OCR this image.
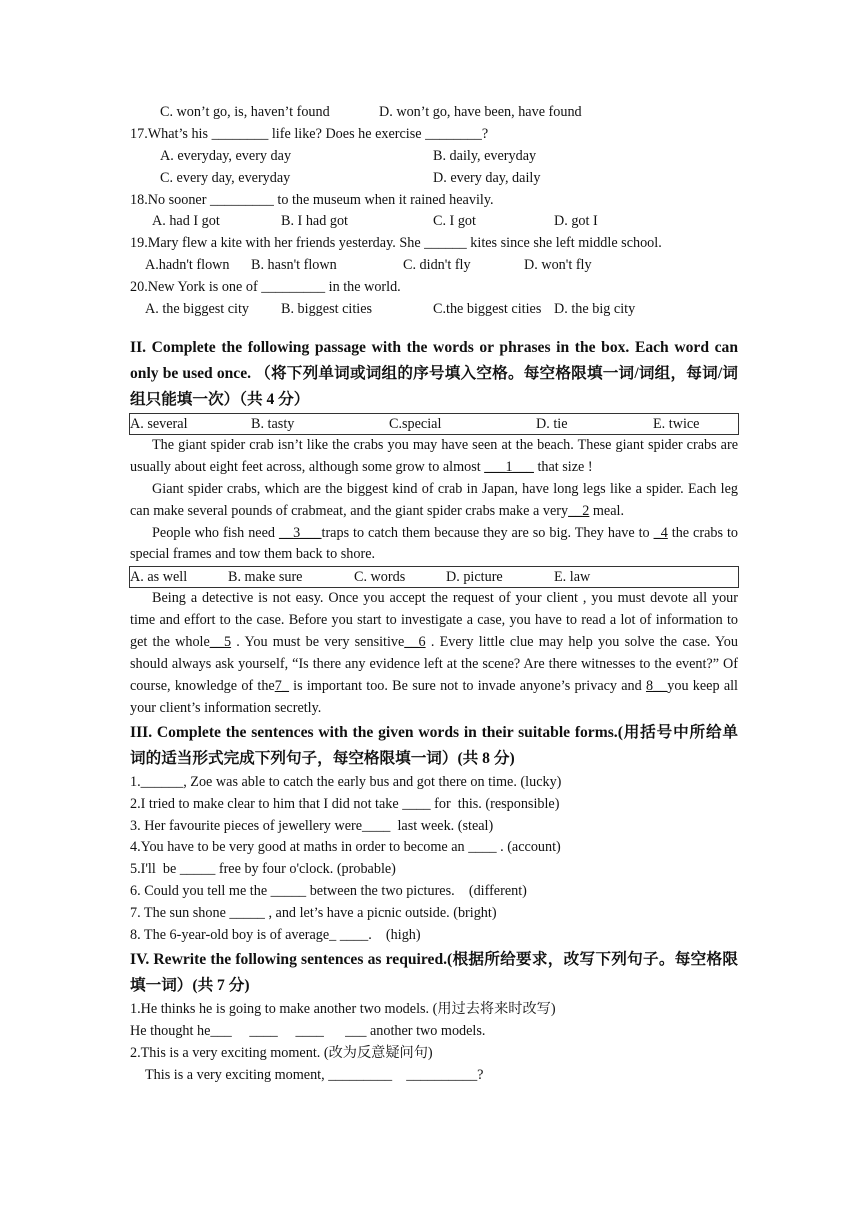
C. won’t go, is, haven’t found	D. won’t go, have been, have found
17.What’s his ________ life like? Does he exercise ________?
A. everyday, every day	B. daily, everyday
C. every day, everyday	D. every day, daily
18.No sooner _________ to the museum when it rained heavily.
A. had I got	B. I had got	C. I got	D. got I
19.Mary flew a kite with her friends yesterday. She ______ kites since she left middle school.
A.hadn't flown B. hasn't flown	C. didn't fly	D. won't fly
20.New York is one of _________ in the world.
A. the biggest city B. biggest cities	C.the biggest cities D. the big city
II. Complete the following passage with the words or phrases in the box. Each word can only be used once. （将下列单词或词组的序号填入空格。每空格限填一词/词组，每词/词组只能填一次）（共 4 分）
A. several	B. tasty	C.special	D. tie	E. twice
The giant spider crab isn’t like the crabs you may have seen at the beach. These giant spider crabs are usually about eight feet across, although some grow to almost ___1___ that size !
Giant spider crabs, which are the biggest kind of crab in Japan, have long legs like a spider. Each leg can make several pounds of crabmeat, and the giant spider crabs make a very__2 meal.
People who fish need __3___traps to catch them because they are so big. They have to _4 the crabs to special frames and tow them back to shore.
A. as well	B. make sure	C. words	D. picture	E. law
Being a detective is not easy. Once you accept the request of your client , you must devote all your time and effort to the case. Before you start to investigate a case, you have to read a lot of information to get the whole__5 . You must be very sensitive__6 . Every little clue may help you solve the case. You should always ask yourself, “Is there any evidence left at the scene? Are there witnesses to the event?” Of course, knowledge of the7_ is important too. Be sure not to invade anyone’s privacy and 8__you keep all your client’s information secretly.
III. Complete the sentences with the given words in their suitable forms.(用括号中所给单词的适当形式完成下列句子，每空格限填一词）(共 8 分)
1.______, Zoe was able to catch the early bus and got there on time. (lucky)
2.I tried to make clear to him that I did not take ____ for  this. (responsible)
3. Her favourite pieces of jewellery were____  last week. (steal)
4.You have to be very good at maths in order to become an ____ . (account)
5.I'll  be _____ free by four o'clock. (probable)
6. Could you tell me the _____ between the two pictures.    (different)
7. The sun shone _____ , and let’s have a picnic outside. (bright)
8. The 6-year-old boy is of average_ ____.    (high)
IV. Rewrite the following sentences as required.(根据所给要求，改写下列句子。每空格限填一词）(共 7 分)
1.He thinks he is going to make another two models. (用过去将来时改写)
He thought he___     ____     ____      ___ another two models.
2.This is a very exciting moment. (改为反意疑问句)
This is a very exciting moment, _________    __________?
